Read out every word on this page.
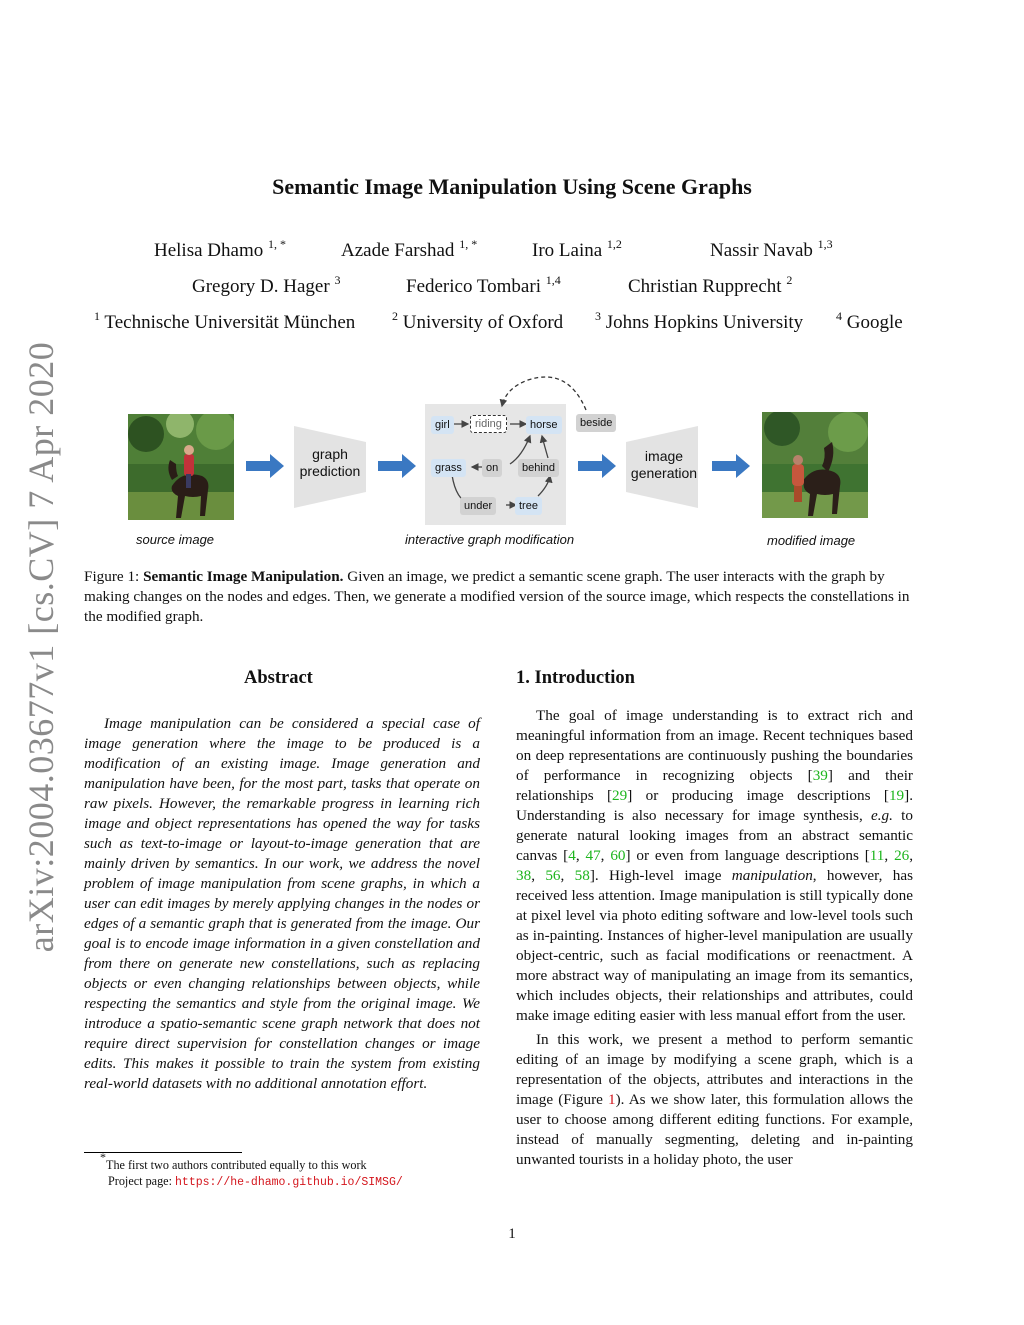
arXiv:2004.03677v1 [cs.CV] 7 Apr 2020
Semantic Image Manipulation Using Scene Graphs
Helisa Dhamo $^{1, *}$	Azade Farshad $^{1, *}$	Iro Laina $^{1,2}$	Nassir Navab $^{1,3}$
Gregory D. Hager $^3$	Federico Tombari $^{1,4}$	Christian Rupprecht $^2$
$^1$ Technische Universität München	$^2$ University of Oxford	$^3$ Johns Hopkins University	$^4$ Google
source image
graph
prediction
girl	riding	horse	beside
grass	on	behind
under	tree
interactive graph modification
image
generation
modified image
Figure 1: Semantic Image Manipulation. Given an image, we predict a semantic scene graph. The user interacts with the graph by making changes on the nodes and edges. Then, we generate a modified version of the source image, which respects the constellations in the modified graph.
Abstract

Image manipulation can be considered a special case of image generation where the image to be produced is a modification of an existing image. Image generation and manipulation have been, for the most part, tasks that operate on raw pixels. However, the remarkable progress in learning rich image and object representations has opened the way for tasks such as text-to-image or layout-to-image generation that are mainly driven by semantics. In our work, we address the novel problem of image manipulation from scene graphs, in which a user can edit images by merely applying changes in the nodes or edges of a semantic graph that is generated from the image. Our goal is to encode image information in a given constellation and from there on generate new constellations, such as replacing objects or even changing relationships between objects, while respecting the semantics and style from the original image. We introduce a spatio-semantic scene graph network that does not require direct supervision for constellation changes or image edits. This makes it possible to train the system from existing real-world datasets with no additional annotation effort.

1. Introduction

The goal of image understanding is to extract rich and meaningful information from an image. Recent techniques based on deep representations are continuously pushing the boundaries of performance in recognizing objects [39] and their relationships [29] or producing image descriptions [19]. Understanding is also necessary for image synthesis, e.g. to generate natural looking images from an abstract semantic canvas [4, 47, 60] or even from language descriptions [11, 26, 38, 56, 58]. High-level image manipulation, however, has received less attention. Image manipulation is still typically done at pixel level via photo editing software and low-level tools such as in-painting. Instances of higher-level manipulation are usually object-centric, such as facial modifications or reenactment. A more abstract way of manipulating an image from its semantics, which includes objects, their relationships and attributes, could make image editing easier with less manual effort from the user.

In this work, we present a method to perform semantic editing of an image by modifying a scene graph, which is a representation of the objects, attributes and interactions in the image (Figure 1). As we show later, this formulation allows the user to choose among different editing functions. For example, instead of manually segmenting, deleting and in-painting unwanted tourists in a holiday photo, the user

*The first two authors contributed equally to this work
Project page: https://he-dhamo.github.io/SIMSG/
1
